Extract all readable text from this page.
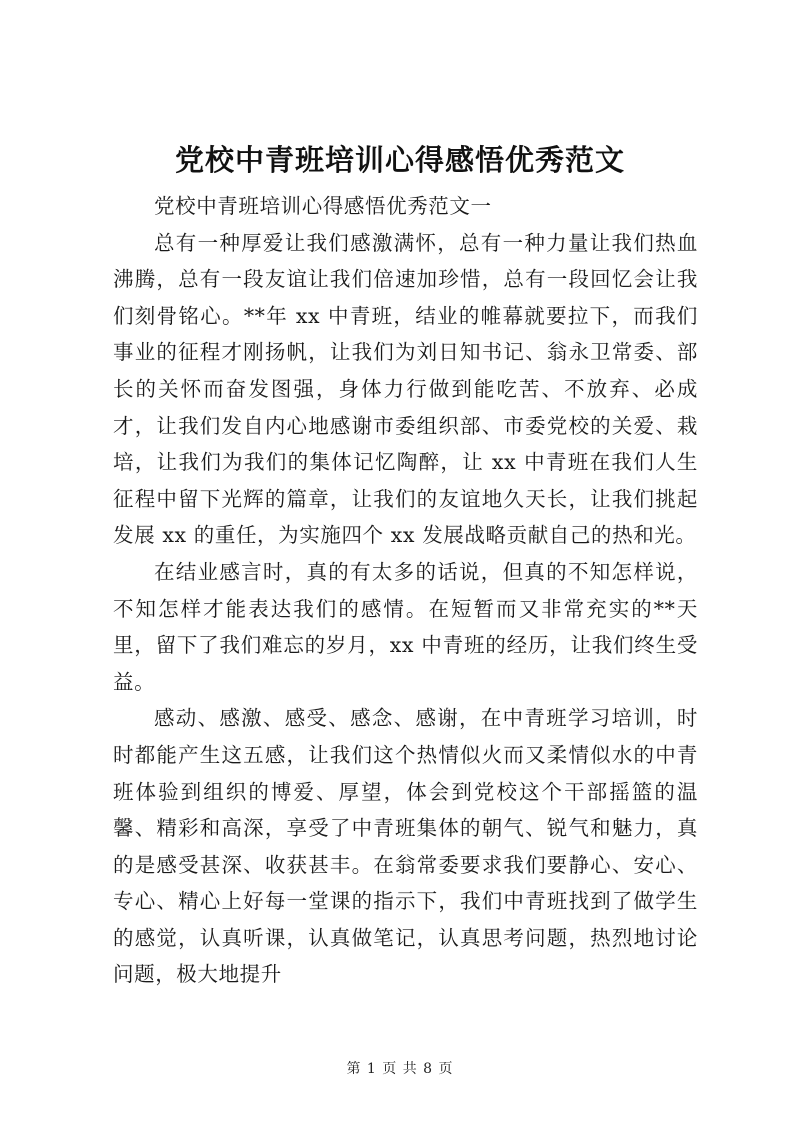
党校中青班培训心得感悟优秀范文

党校中青班培训心得感悟优秀范文一

总有一种厚爱让我们感激满怀，总有一种力量让我们热血沸腾，总有一段友谊让我们倍速加珍惜，总有一段回忆会让我们刻骨铭心。**年 xx 中青班，结业的帷幕就要拉下，而我们事业的征程才刚扬帆，让我们为刘日知书记、翁永卫常委、部长的关怀而奋发图强，身体力行做到能吃苦、不放弃、必成才，让我们发自内心地感谢市委组织部、市委党校的关爱、栽培，让我们为我们的集体记忆陶醉，让 xx 中青班在我们人生征程中留下光辉的篇章，让我们的友谊地久天长，让我们挑起发展 xx 的重任，为实施四个 xx 发展战略贡献自己的热和光。

在结业感言时，真的有太多的话说，但真的不知怎样说，不知怎样才能表达我们的感情。在短暂而又非常充实的**天里，留下了我们难忘的岁月，xx 中青班的经历，让我们终生受益。

感动、感激、感受、感念、感谢，在中青班学习培训，时时都能产生这五感，让我们这个热情似火而又柔情似水的中青班体验到组织的博爱、厚望，体会到党校这个干部摇篮的温馨、精彩和高深，享受了中青班集体的朝气、锐气和魅力，真的是感受甚深、收获甚丰。在翁常委要求我们要静心、安心、专心、精心上好每一堂课的指示下，我们中青班找到了做学生的感觉，认真听课，认真做笔记，认真思考问题，热烈地讨论问题，极大地提升

第 1 页 共 8 页
